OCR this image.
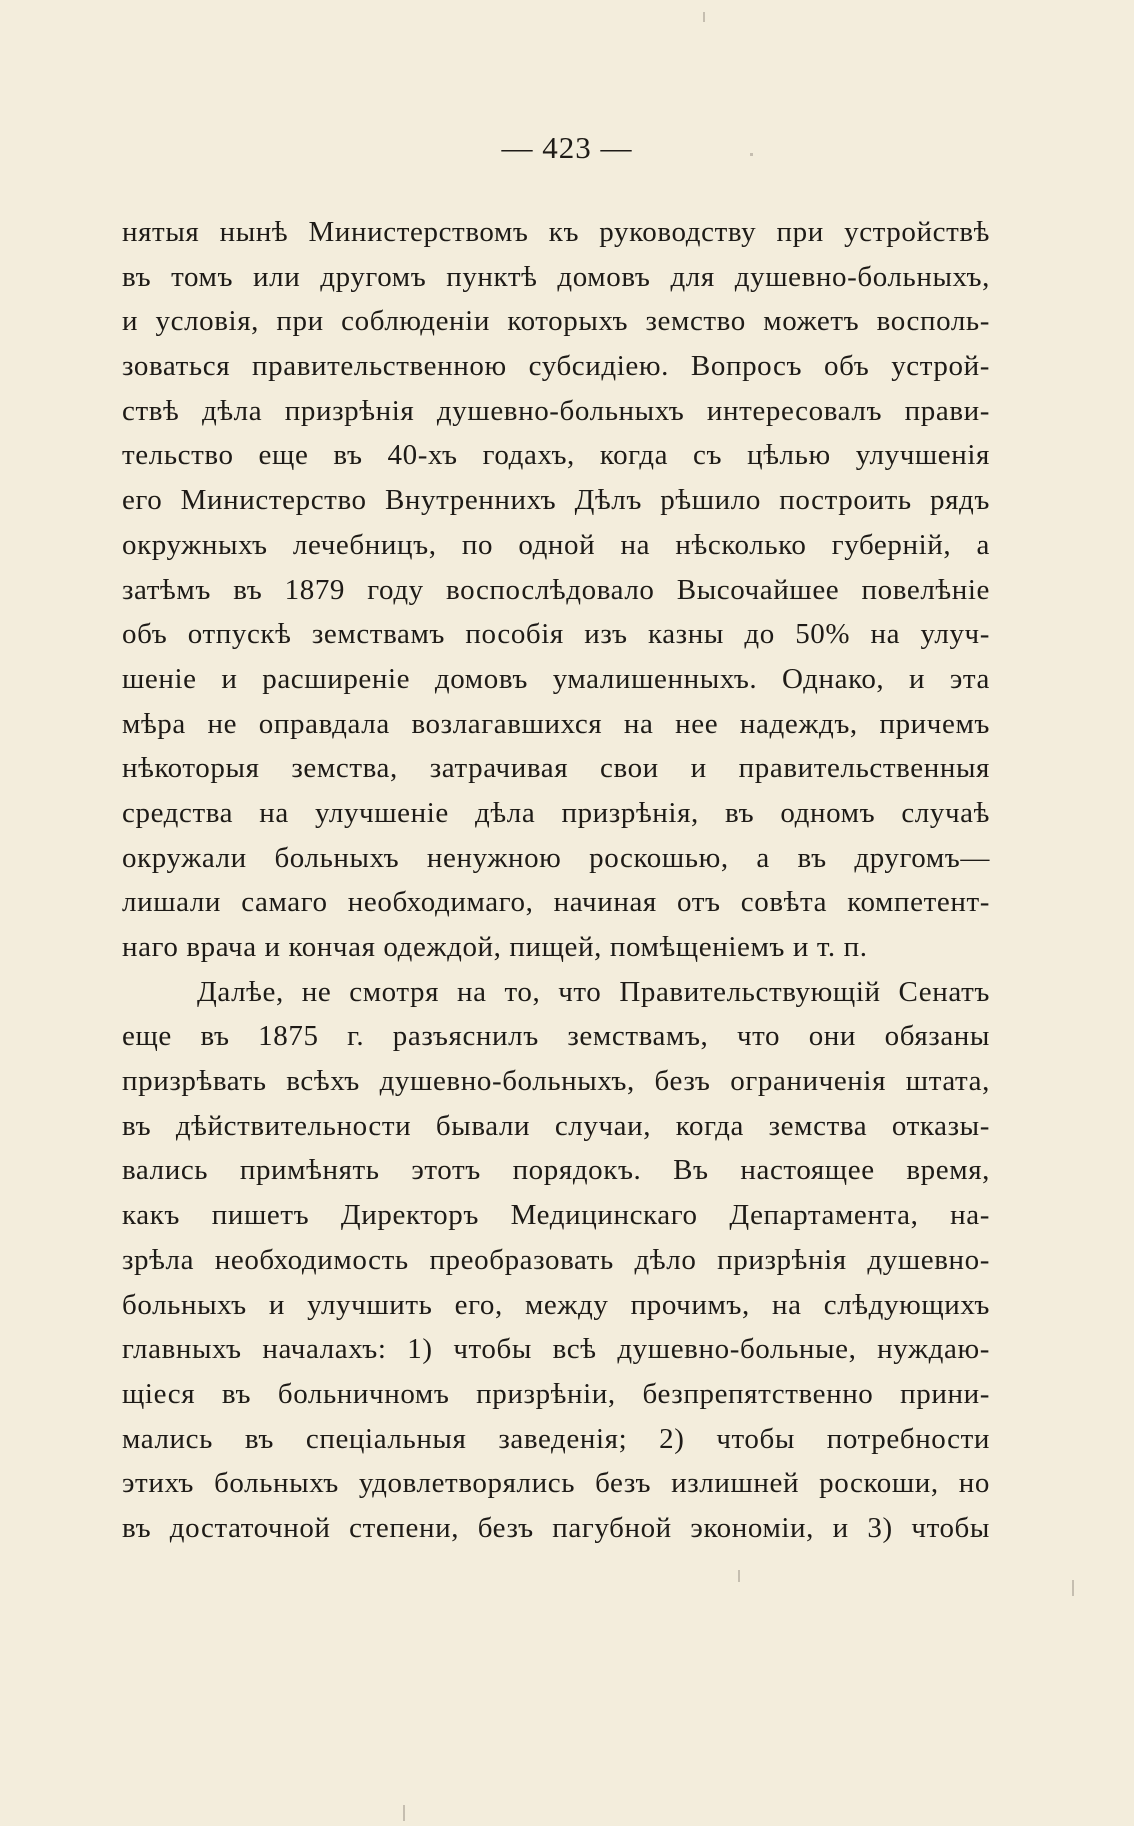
— 423 —
нятыя нынѣ Министерствомъ къ руководству при устройствѣ
въ томъ или другомъ пунктѣ домовъ для душевно-больныхъ,
и условія, при соблюденіи которыхъ земство можетъ восполь-
зоваться правительственною субсидіею. Вопросъ объ устрой-
ствѣ дѣла призрѣнія душевно-больныхъ интересовалъ прави-
тельство еще въ 40-хъ годахъ, когда съ цѣлью улучшенія
его Министерство Внутреннихъ Дѣлъ рѣшило построить рядъ
окружныхъ лечебницъ, по одной на нѣсколько губерній, а
затѣмъ въ 1879 году воспослѣдовало Высочайшее повелѣніе
объ отпускѣ земствамъ пособія изъ казны до 50% на улуч-
шеніе и расширеніе домовъ умалишенныхъ. Однако, и эта
мѣра не оправдала возлагавшихся на нее надеждъ, причемъ
нѣкоторыя земства, затрачивая свои и правительственныя
средства на улучшеніе дѣла призрѣнія, въ одномъ случаѣ
окружали больныхъ ненужною роскошью, а въ другомъ—
лишали самаго необходимаго, начиная отъ совѣта компетент-
наго врача и кончая одеждой, пищей, помѣщеніемъ и т. п.
Далѣе, не смотря на то, что Правительствующій Сенатъ
еще въ 1875 г. разъяснилъ земствамъ, что они обязаны
призрѣвать всѣхъ душевно-больныхъ, безъ ограниченія штата,
въ дѣйствительности бывали случаи, когда земства отказы-
вались примѣнять этотъ порядокъ. Въ настоящее время,
какъ пишетъ Директоръ Медицинскаго Департамента, на-
зрѣла необходимость преобразовать дѣло призрѣнія душевно-
больныхъ и улучшить его, между прочимъ, на слѣдующихъ
главныхъ началахъ: 1) чтобы всѣ душевно-больные, нуждаю-
щіеся въ больничномъ призрѣніи, безпрепятственно прини-
мались въ спеціальныя заведенія; 2) чтобы потребности
этихъ больныхъ удовлетворялись безъ излишней роскоши, но
въ достаточной степени, безъ пагубной экономіи, и 3) чтобы
